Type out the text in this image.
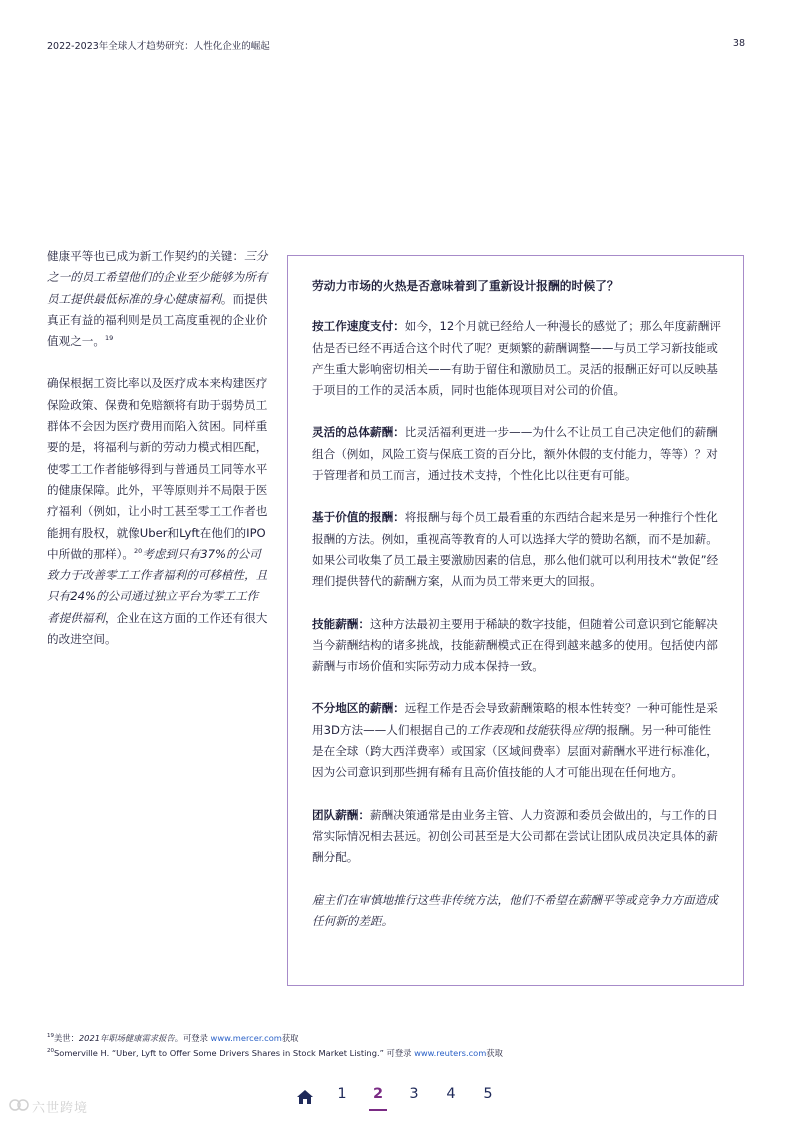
2022-2023年全球人才趋势研究：人性化企业的崛起	38

健康平等也已成为新工作契约的关键：三分之一的员工希望他们的企业至少能够为所有员工提供最低标准的身心健康福利。而提供真正有益的福利则是员工高度重视的企业价值观之一。$^{19}$

确保根据工资比率以及医疗成本来构建医疗保险政策、保费和免赔额将有助于弱势员工群体不会因为医疗费用而陷入贫困。同样重要的是，将福利与新的劳动力模式相匹配，使零工工作者能够得到与普通员工同等水平的健康保障。此外，平等原则并不局限于医疗福利（例如，让小时工甚至零工工作者也能拥有股权，就像Uber和Lyft在他们的IPO中所做的那样）。$^{20}$考虑到只有37%的公司致力于改善零工工作者福利的可移植性，且只有24%的公司通过独立平台为零工工作者提供福利，企业在这方面的工作还有很大的改进空间。

劳动力市场的火热是否意味着到了重新设计报酬的时候了？

按工作速度支付：如今，12个月就已经给人一种漫长的感觉了；那么年度薪酬评估是否已经不再适合这个时代了呢？更频繁的薪酬调整——与员工学习新技能或产生重大影响密切相关——有助于留住和激励员工。灵活的报酬正好可以反映基于项目的工作的灵活本质，同时也能体现项目对公司的价值。

灵活的总体薪酬：比灵活福利更进一步——为什么不让员工自己决定他们的薪酬组合（例如，风险工资与保底工资的百分比，额外休假的支付能力，等等）？对于管理者和员工而言，通过技术支持，个性化比以往更有可能。

基于价值的报酬：将报酬与每个员工最看重的东西结合起来是另一种推行个性化报酬的方法。例如，重视高等教育的人可以选择大学的赞助名额，而不是加薪。如果公司收集了员工最主要激励因素的信息，那么他们就可以利用技术“敦促”经理们提供替代的薪酬方案，从而为员工带来更大的回报。

技能薪酬：这种方法最初主要用于稀缺的数字技能，但随着公司意识到它能解决当今薪酬结构的诸多挑战，技能薪酬模式正在得到越来越多的使用。包括使内部薪酬与市场价值和实际劳动力成本保持一致。

不分地区的薪酬：远程工作是否会导致薪酬策略的根本性转变？一种可能性是采用3D方法——人们根据自己的工作表现和技能获得应得的报酬。另一种可能性是在全球（跨大西洋费率）或国家（区域间费率）层面对薪酬水平进行标准化，因为公司意识到那些拥有稀有且高价值技能的人才可能出现在任何地方。

团队薪酬：薪酬决策通常是由业务主管、人力资源和委员会做出的，与工作的日常实际情况相去甚远。初创公司甚至是大公司都在尝试让团队成员决定具体的薪酬分配。

雇主们在审慎地推行这些非传统方法，他们不希望在薪酬平等或竞争力方面造成任何新的差距。

$^{19}$美世：2021年职场健康需求报告。可登录 www.mercer.com获取
$^{20}$Somerville H. “Uber, Lyft to Offer Some Drivers Shares in Stock Market Listing.” 可登录 www.reuters.com获取
1	2	3	4	5
六世跨境
